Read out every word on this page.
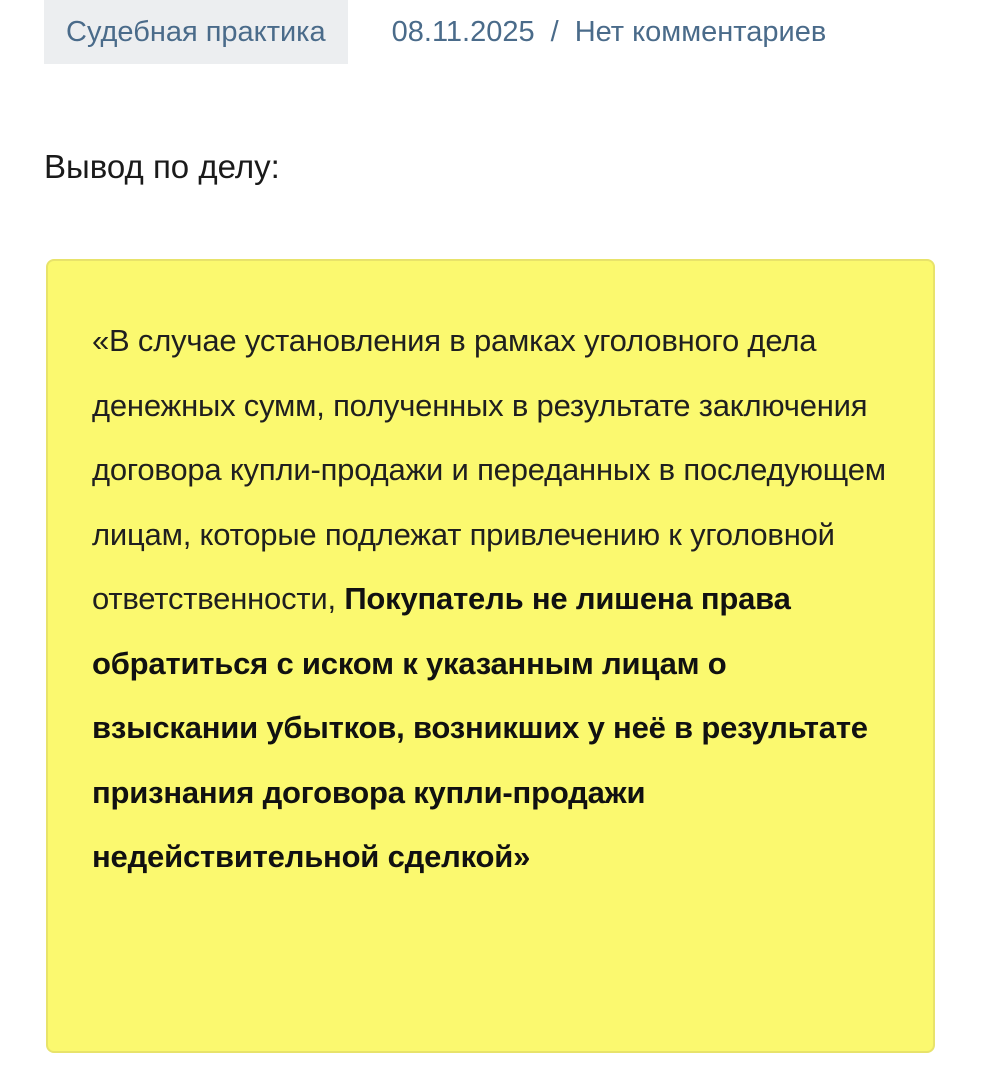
Судебная практика	08.11.2025 / Нет комментариев
Вывод по делу:

«В случае установления в рамках уголовного дела денежных сумм, полученных в результате заключения договора купли-продажи и переданных в последующем лицам, которые подлежат привлечению к уголовной ответственности, Покупатель не лишена права обратиться с иском к указанным лицам о взыскании убытков, возникших у неё в результате признания договора купли-продажи недействительной сделкой»
